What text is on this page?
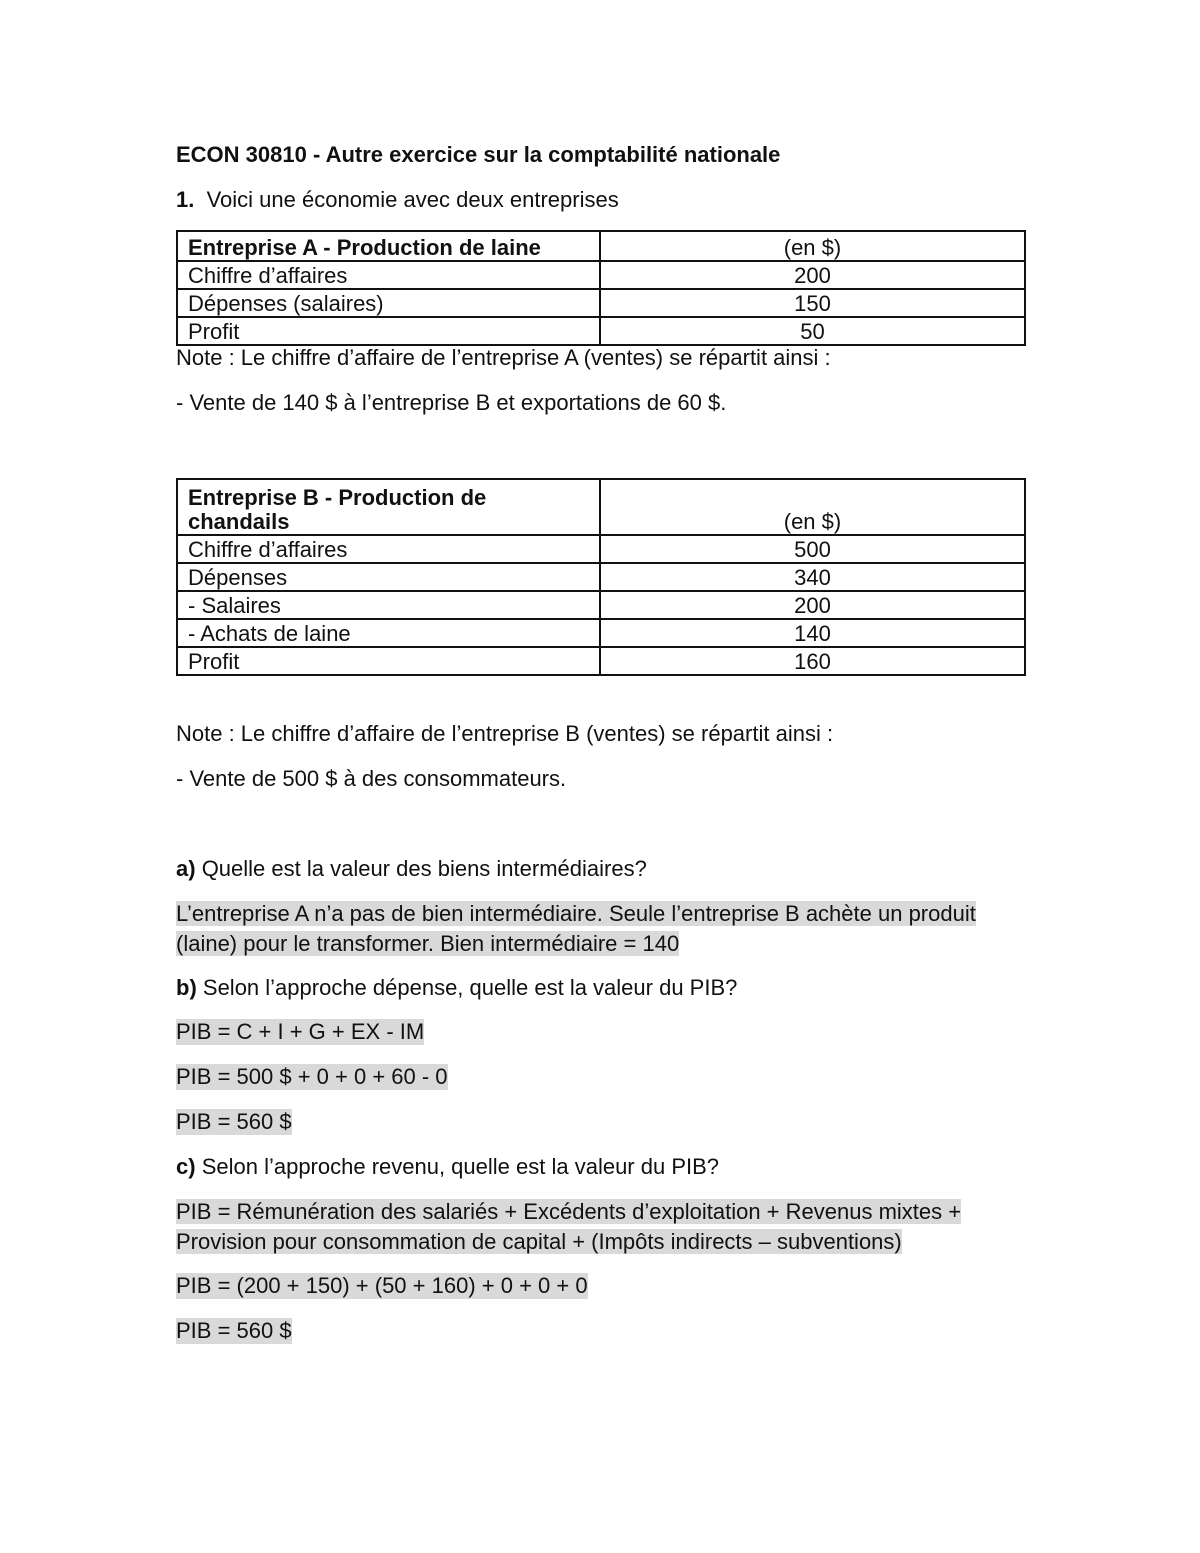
ECON 30810 - Autre exercice sur la comptabilité nationale
1. Voici une économie avec deux entreprises
Entreprise A - Production de laine	(en $)
Chiffre d’affaires	200
Dépenses (salaires)	150
Profit	50
Note : Le chiffre d’affaire de l’entreprise A (ventes) se répartit ainsi :
- Vente de 140 $ à l’entreprise B et exportations de 60 $.
Entreprise B - Production de
chandails	(en $)
Chiffre d’affaires	500
Dépenses	340
- Salaires	200
- Achats de laine	140
Profit	160
Note : Le chiffre d’affaire de l’entreprise B (ventes) se répartit ainsi :
- Vente de 500 $ à des consommateurs.
a) Quelle est la valeur des biens intermédiaires?
L’entreprise A n’a pas de bien intermédiaire. Seule l’entreprise B achète un produit
(laine) pour le transformer. Bien intermédiaire = 140
b) Selon l’approche dépense, quelle est la valeur du PIB?
PIB = C + I + G + EX - IM
PIB = 500 $ + 0 + 0 + 60 - 0
PIB = 560 $
c) Selon l’approche revenu, quelle est la valeur du PIB?
PIB = Rémunération des salariés + Excédents d’exploitation + Revenus mixtes +
Provision pour consommation de capital + (Impôts indirects – subventions)
PIB = (200 + 150) + (50 + 160) + 0 + 0 + 0
PIB = 560 $
